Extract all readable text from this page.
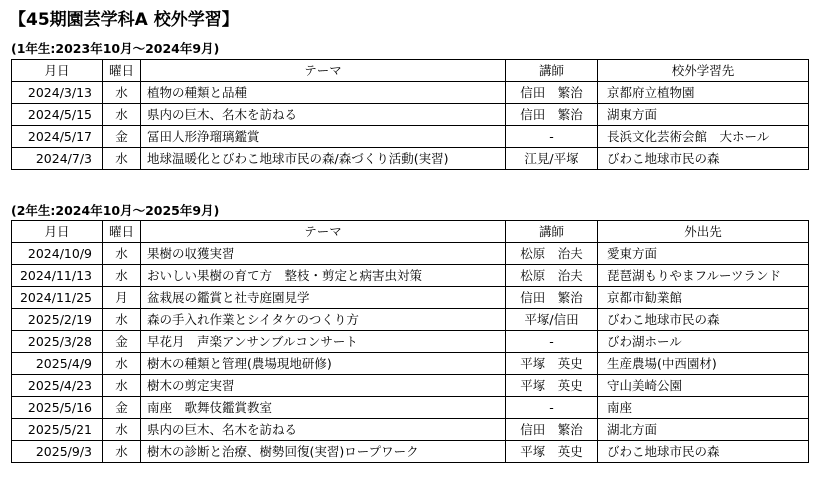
【45期園芸学科A 校外学習】
(1年生:2023年10月～2024年9月)
月日	曜日	テーマ	講師	校外学習先
2024/3/13	水	植物の種類と品種	信田　繁治	京都府立植物園
2024/5/15	水	県内の巨木、名木を訪ねる	信田　繁治	湖東方面
2024/5/17	金	冨田人形浄瑠璃鑑賞	-	長浜文化芸術会館　大ホール
2024/7/3	水	地球温暖化とびわこ地球市民の森/森づくり活動(実習)	江見/平塚	びわこ地球市民の森
(2年生:2024年10月～2025年9月)
月日	曜日	テーマ	講師	外出先
2024/10/9	水	果樹の収獲実習	松原　治夫	愛東方面
2024/11/13	水	おいしい果樹の育て方　整枝・剪定と病害虫対策	松原　治夫	琵琶湖もりやまフルーツランド
2024/11/25	月	盆栽展の鑑賞と社寺庭園見学	信田　繁治	京都市勧業館
2025/2/19	水	森の手入れ作業とシイタケのつくり方	平塚/信田	びわこ地球市民の森
2025/3/28	金	早花月　声楽アンサンブルコンサート	-	びわ湖ホール
2025/4/9	水	樹木の種類と管理(農場現地研修)	平塚　英史	生産農場(中西園材)
2025/4/23	水	樹木の剪定実習	平塚　英史	守山美崎公園
2025/5/16	金	南座　歌舞伎鑑賞教室	-	南座
2025/5/21	水	県内の巨木、名木を訪ねる	信田　繁治	湖北方面
2025/9/3	水	樹木の診断と治療、樹勢回復(実習)ロープワーク	平塚　英史	びわこ地球市民の森
